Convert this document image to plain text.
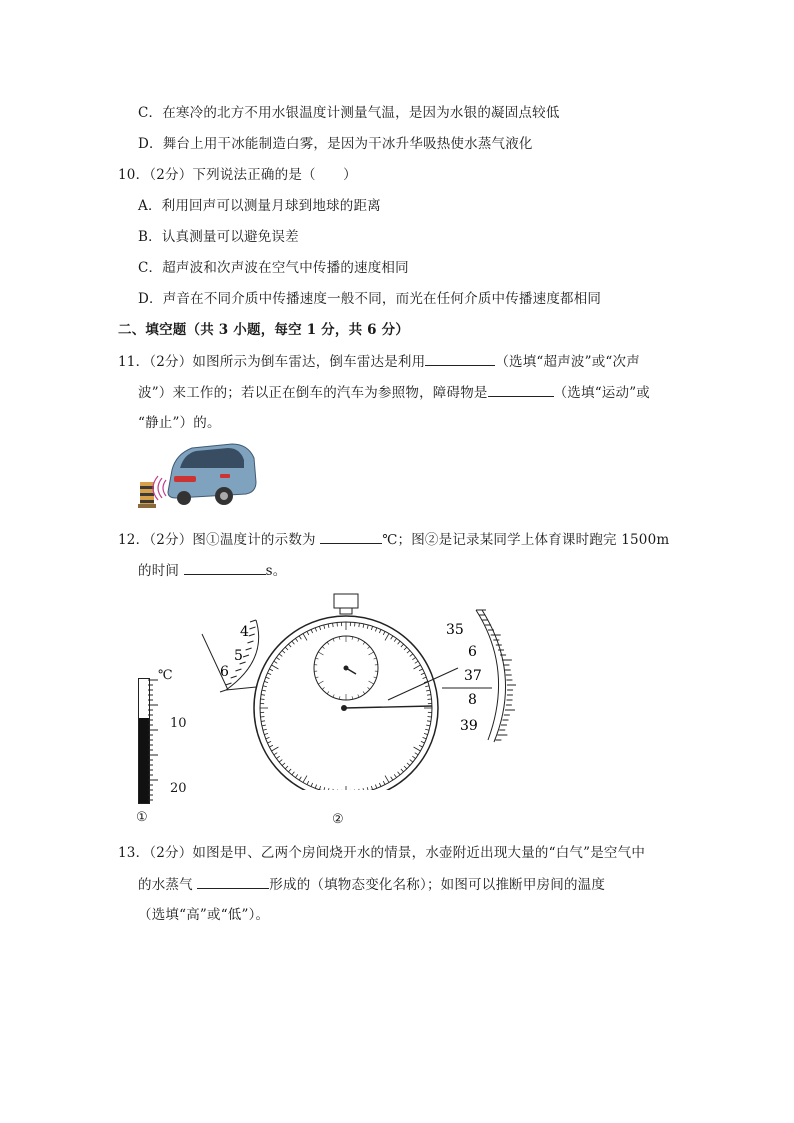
C．在寒冷的北方不用水银温度计测量气温，是因为水银的凝固点较低
D．舞台上用干冰能制造白雾，是因为干冰升华吸热使水蒸气液化
10．（2分）下列说法正确的是（　　）
A．利用回声可以测量月球到地球的距离
B．认真测量可以避免误差
C．超声波和次声波在空气中传播的速度相同
D．声音在不同介质中传播速度一般不同，而光在任何介质中传播速度都相同
二、填空题（共 3 小题，每空 1 分，共 6 分）
11．（2分）如图所示为倒车雷达，倒车雷达是利用	（选填“超声波”或“次声
波”）来工作的；若以正在倒车的汽车为参照物，障碍物是	（选填“运动”或
“静止”）的。
12．（2分）图①温度计的示数为	℃；图②是记录某同学上体育课时跑完 1500m
的时间	s。
℃
10
20
①
4
5
6
35
6
37
8
39
②
13．（2分）如图是甲、乙两个房间烧开水的情景，水壶附近出现大量的“白气”是空气中
的水蒸气	形成的（填物态变化名称）；如图可以推断甲房间的温度
（选填“高”或“低”）。
